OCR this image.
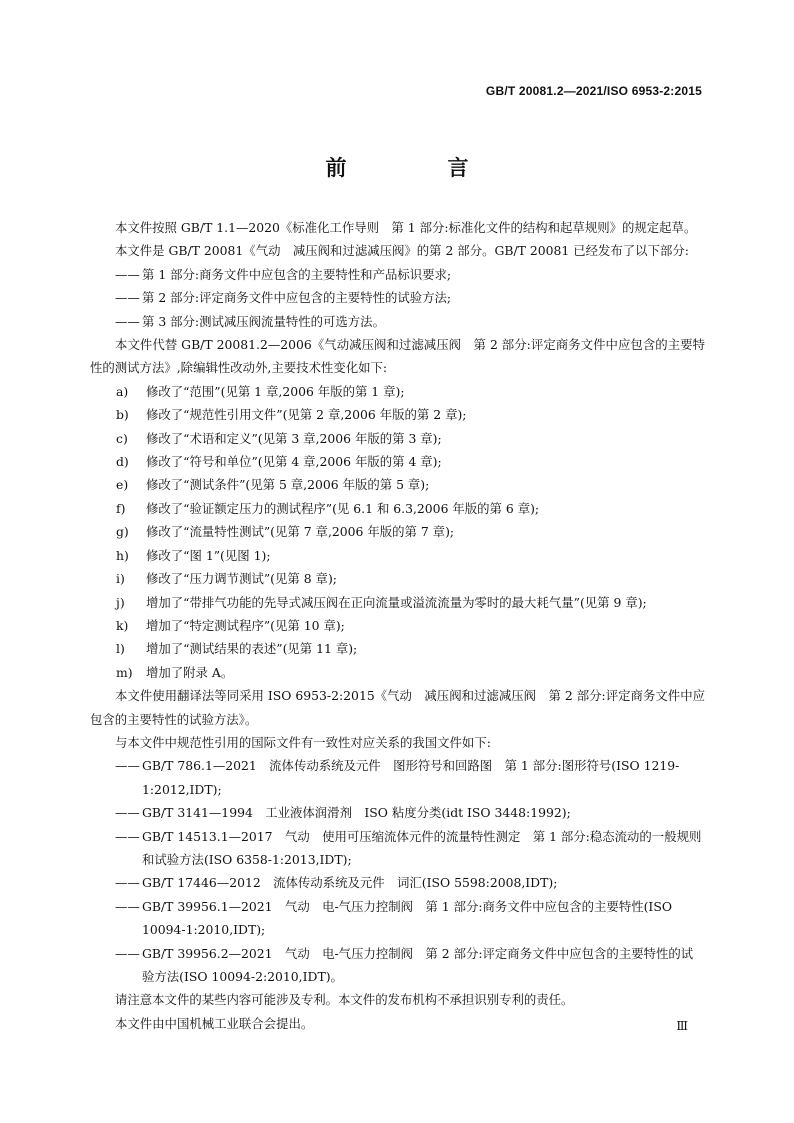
GB/T 20081.2—2021/ISO 6953-2:2015
前　言

本文件按照 GB/T 1.1—2020《标准化工作导则　第 1 部分:标准化文件的结构和起草规则》的规定起草。

本文件是 GB/T 20081《气动　减压阀和过滤减压阀》的第 2 部分。GB/T 20081 已经发布了以下部分:

—— 第 1 部分:商务文件中应包含的主要特性和产品标识要求;

—— 第 2 部分:评定商务文件中应包含的主要特性的试验方法;

—— 第 3 部分:测试减压阀流量特性的可选方法。

本文件代替 GB/T 20081.2—2006《气动减压阀和过滤减压阀　第 2 部分:评定商务文件中应包含的主要特性的测试方法》,除编辑性改动外,主要技术性变化如下:

a) 修改了“范围”(见第 1 章,2006 年版的第 1 章);

b) 修改了“规范性引用文件”(见第 2 章,2006 年版的第 2 章);

c) 修改了“术语和定义”(见第 3 章,2006 年版的第 3 章);

d) 修改了“符号和单位”(见第 4 章,2006 年版的第 4 章);

e) 修改了“测试条件”(见第 5 章,2006 年版的第 5 章);

f) 修改了“验证额定压力的测试程序”(见 6.1 和 6.3,2006 年版的第 6 章);

g) 修改了“流量特性测试”(见第 7 章,2006 年版的第 7 章);

h) 修改了“图 1”(见图 1);

i) 修改了“压力调节测试”(见第 8 章);

j) 增加了“带排气功能的先导式减压阀在正向流量或溢流流量为零时的最大耗气量”(见第 9 章);

k) 增加了“特定测试程序”(见第 10 章);

l) 增加了“测试结果的表述”(见第 11 章);

m) 增加了附录 A。

本文件使用翻译法等同采用 ISO 6953-2:2015《气动　减压阀和过滤减压阀　第 2 部分:评定商务文件中应包含的主要特性的试验方法》。

与本文件中规范性引用的国际文件有一致性对应关系的我国文件如下:

—— GB/T 786.1—2021　流体传动系统及元件　图形符号和回路图　第 1 部分:图形符号(ISO 1219-1:2012,IDT);

—— GB/T 3141—1994　工业液体润滑剂　ISO 粘度分类(idt ISO 3448:1992);

—— GB/T 14513.1—2017　气动　使用可压缩流体元件的流量特性测定　第 1 部分:稳态流动的一般规则和试验方法(ISO 6358-1:2013,IDT);

—— GB/T 17446—2012　流体传动系统及元件　词汇(ISO 5598:2008,IDT);

—— GB/T 39956.1—2021　气动　电-气压力控制阀　第 1 部分:商务文件中应包含的主要特性(ISO 10094-1:2010,IDT);

—— GB/T 39956.2—2021　气动　电-气压力控制阀　第 2 部分:评定商务文件中应包含的主要特性的试验方法(ISO 10094-2:2010,IDT)。

请注意本文件的某些内容可能涉及专利。本文件的发布机构不承担识别专利的责任。

本文件由中国机械工业联合会提出。	Ⅲ
